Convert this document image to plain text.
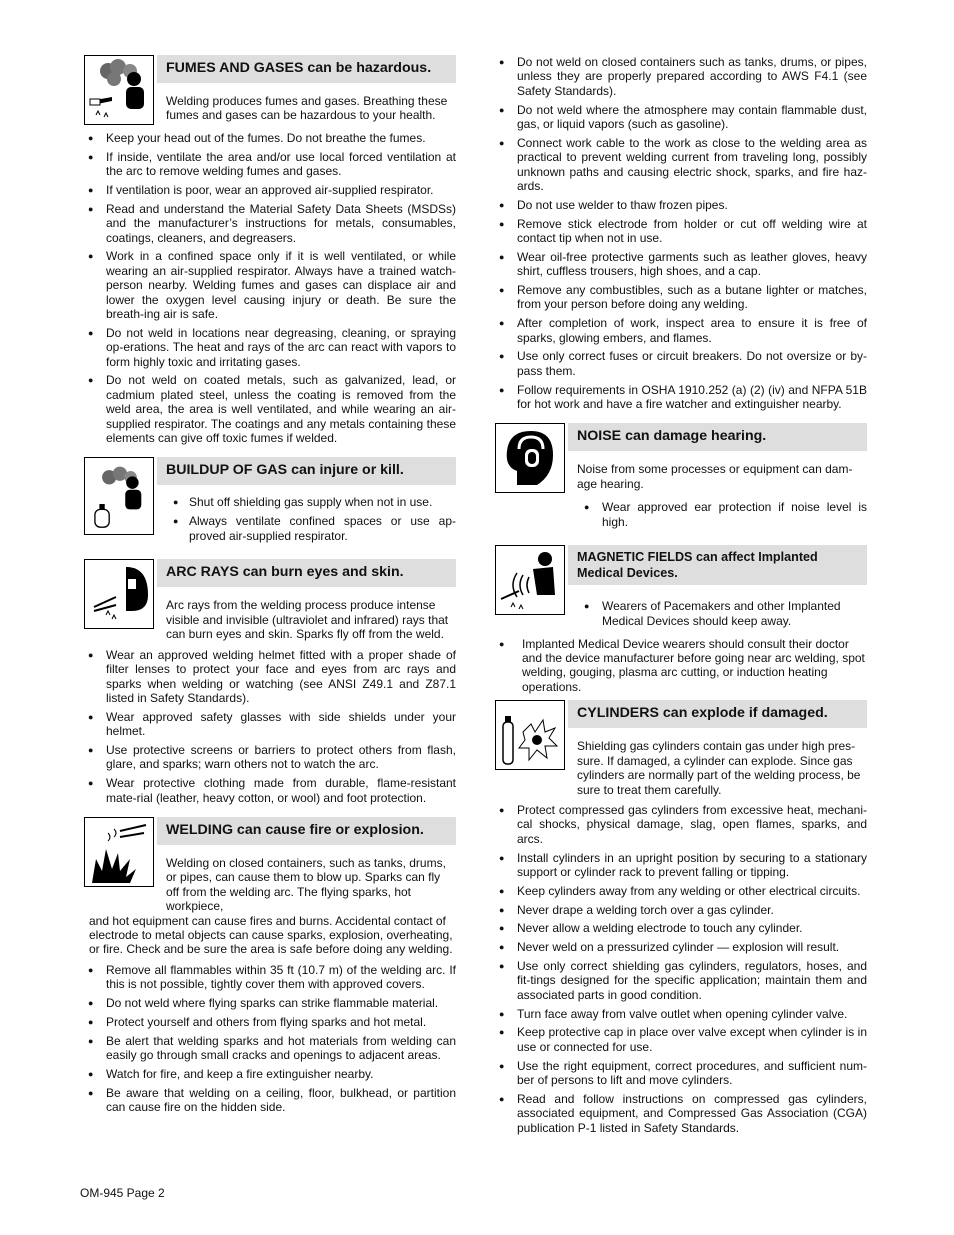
FUMES AND GASES can be hazardous.
Welding produces fumes and gases. Breathing these fumes and gases can be hazardous to your health.
● Keep your head out of the fumes. Do not breathe the fumes.
● If inside, ventilate the area and/or use local forced ventilation at the arc to remove welding fumes and gases.
● If ventilation is poor, wear an approved air-supplied respirator.
● Read and understand the Material Safety Data Sheets (MSDSs) and the manufacturer’s instructions for metals, consumables, coatings, cleaners, and degreasers.
● Work in a confined space only if it is well ventilated, or while wearing an air-supplied respirator. Always have a trained watch-person nearby. Welding fumes and gases can displace air and lower the oxygen level causing injury or death. Be sure the breath-ing air is safe.
● Do not weld in locations near degreasing, cleaning, or spraying op-erations. The heat and rays of the arc can react with vapors to form highly toxic and irritating gases.
● Do not weld on coated metals, such as galvanized, lead, or cadmium plated steel, unless the coating is removed from the weld area, the area is well ventilated, and while wearing an air-supplied respirator. The coatings and any metals containing these elements can give off toxic fumes if welded.
BUILDUP OF GAS can injure or kill.
● Shut off shielding gas supply when not in use.
● Always ventilate confined spaces or use ap-proved air-supplied respirator.
ARC RAYS can burn eyes and skin.
Arc rays from the welding process produce intense visible and invisible (ultraviolet and infrared) rays that can burn eyes and skin. Sparks fly off from the weld.
● Wear an approved welding helmet fitted with a proper shade of filter lenses to protect your face and eyes from arc rays and sparks when welding or watching (see ANSI Z49.1 and Z87.1 listed in Safety Standards).
● Wear approved safety glasses with side shields under your helmet.
● Use protective screens or barriers to protect others from flash, glare, and sparks; warn others not to watch the arc.
● Wear protective clothing made from durable, flame-resistant mate-rial (leather, heavy cotton, or wool) and foot protection.
WELDING can cause fire or explosion.
Welding on closed containers, such as tanks, drums, or pipes, can cause them to blow up. Sparks can fly off from the welding arc. The flying sparks, hot workpiece,
and hot equipment can cause fires and burns. Accidental contact of electrode to metal objects can cause sparks, explosion, overheating, or fire. Check and be sure the area is safe before doing any welding.
● Remove all flammables within 35 ft (10.7 m) of the welding arc. If this is not possible, tightly cover them with approved covers.
● Do not weld where flying sparks can strike flammable material.
● Protect yourself and others from flying sparks and hot metal.
● Be alert that welding sparks and hot materials from welding can easily go through small cracks and openings to adjacent areas.
● Watch for fire, and keep a fire extinguisher nearby.
● Be aware that welding on a ceiling, floor, bulkhead, or partition can cause fire on the hidden side.
● Do not weld on closed containers such as tanks, drums, or pipes, unless they are properly prepared according to AWS F4.1 (see Safety Standards).
● Do not weld where the atmosphere may contain flammable dust, gas, or liquid vapors (such as gasoline).
● Connect work cable to the work as close to the welding area as practical to prevent welding current from traveling long, possibly unknown paths and causing electric shock, sparks, and fire haz-ards.
● Do not use welder to thaw frozen pipes.
● Remove stick electrode from holder or cut off welding wire at contact tip when not in use.
● Wear oil-free protective garments such as leather gloves, heavy shirt, cuffless trousers, high shoes, and a cap.
● Remove any combustibles, such as a butane lighter or matches, from your person before doing any welding.
● After completion of work, inspect area to ensure it is free of sparks, glowing embers, and flames.
● Use only correct fuses or circuit breakers. Do not oversize or by-pass them.
● Follow requirements in OSHA 1910.252 (a) (2) (iv) and NFPA 51B for hot work and have a fire watcher and extinguisher nearby.
NOISE can damage hearing.
Noise from some processes or equipment can dam-age hearing.
● Wear approved ear protection if noise level is high.
MAGNETIC FIELDS can affect Implanted Medical Devices.
● Wearers of Pacemakers and other Implanted Medical Devices should keep away.
● Implanted Medical Device wearers should consult their doctor and the device manufacturer before going near arc welding, spot welding, gouging, plasma arc cutting, or induction heating operations.
CYLINDERS can explode if damaged.
Shielding gas cylinders contain gas under high pres-sure. If damaged, a cylinder can explode. Since gas cylinders are normally part of the welding process, be sure to treat them carefully.
● Protect compressed gas cylinders from excessive heat, mechani-cal shocks, physical damage, slag, open flames, sparks, and arcs.
● Install cylinders in an upright position by securing to a stationary support or cylinder rack to prevent falling or tipping.
● Keep cylinders away from any welding or other electrical circuits.
● Never drape a welding torch over a gas cylinder.
● Never allow a welding electrode to touch any cylinder.
● Never weld on a pressurized cylinder — explosion will result.
● Use only correct shielding gas cylinders, regulators, hoses, and fit-tings designed for the specific application; maintain them and associated parts in good condition.
● Turn face away from valve outlet when opening cylinder valve.
● Keep protective cap in place over valve except when cylinder is in use or connected for use.
● Use the right equipment, correct procedures, and sufficient num-ber of persons to lift and move cylinders.
● Read and follow instructions on compressed gas cylinders, associated equipment, and Compressed Gas Association (CGA) publication P-1 listed in Safety Standards.
OM-945 Page 2
